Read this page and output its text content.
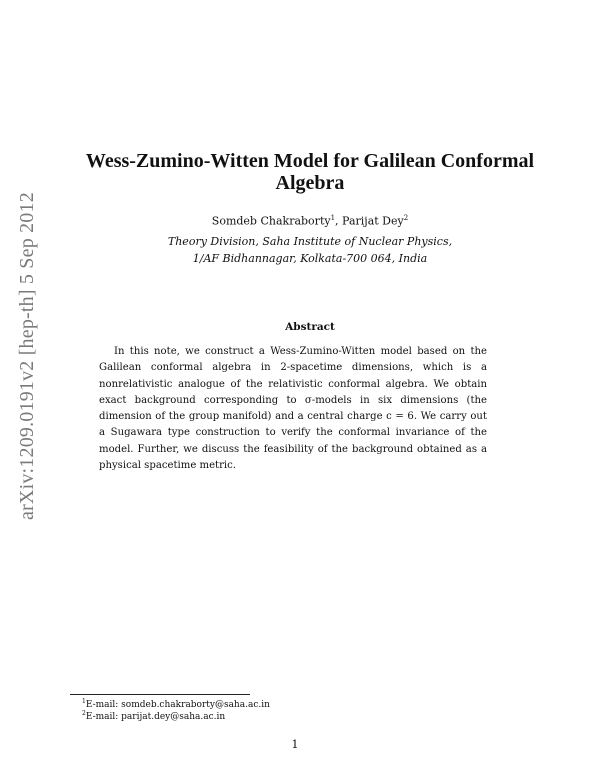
arXiv:1209.0191v2 [hep-th] 5 Sep 2012
Wess-Zumino-Witten Model for Galilean Conformal
Algebra
Somdeb Chakraborty$^1$, Parijat Dey$^2$
Theory Division, Saha Institute of Nuclear Physics,
1/AF Bidhannagar, Kolkata-700 064, India
Abstract
In this note, we construct a Wess-Zumino-Witten model based on the Galilean conformal algebra in 2-spacetime dimensions, which is a nonrelativistic analogue of the relativistic conformal algebra. We obtain exact background corresponding to σ-models in six dimensions (the dimension of the group manifold) and a central charge c = 6. We carry out a Sugawara type construction to verify the conformal invariance of the model. Further, we discuss the feasibility of the background obtained as a physical spacetime metric.
$^1$E-mail: somdeb.chakraborty@saha.ac.in
$^2$E-mail: parijat.dey@saha.ac.in
1
